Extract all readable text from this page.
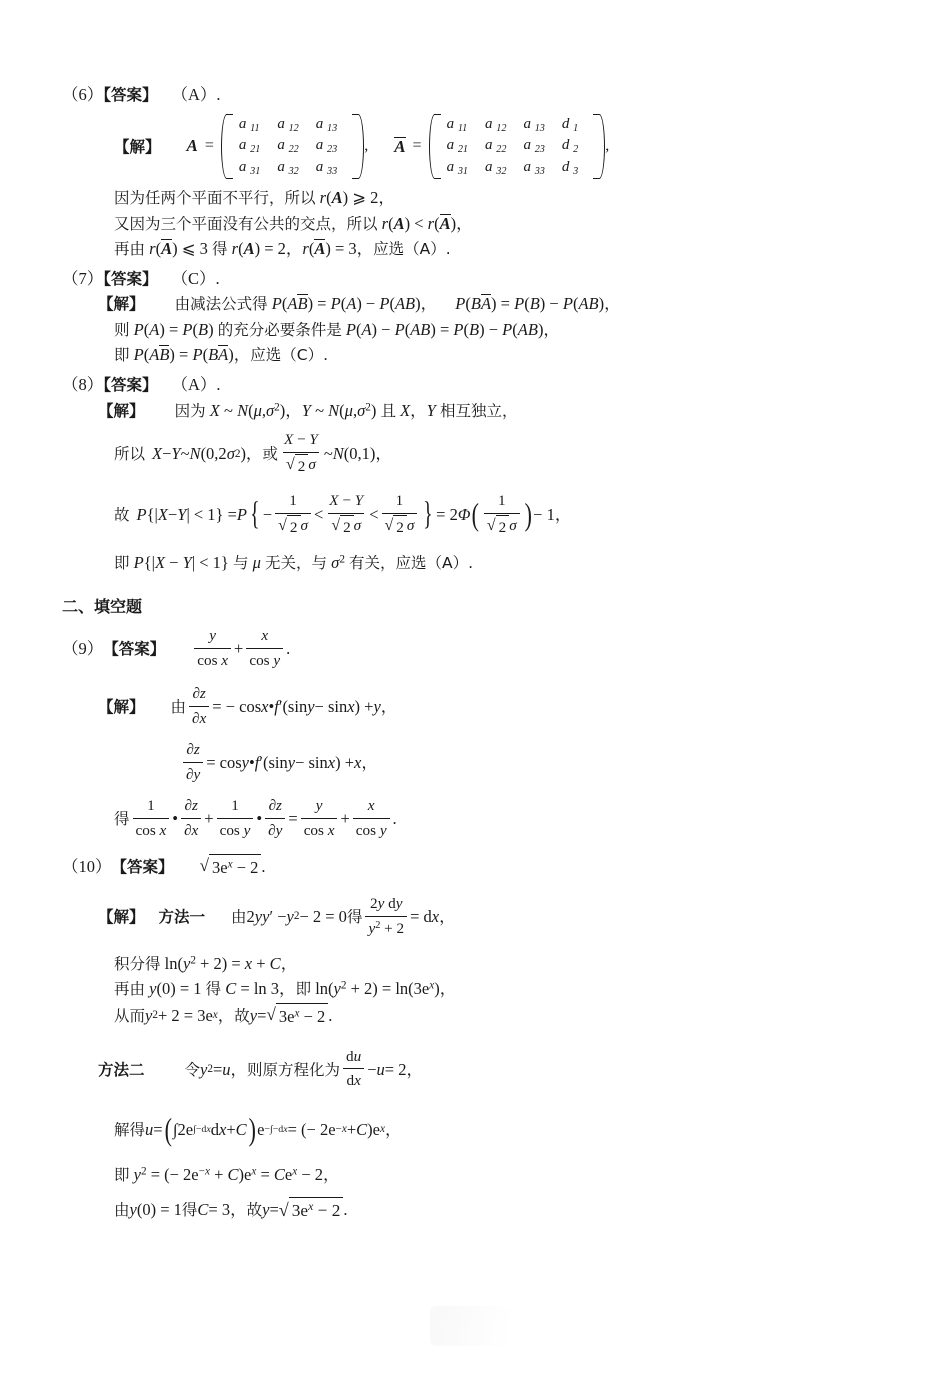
（6）【答案】 （A）.
【解】 A =
a $_{11}$	a $_{12}$	a $_{13}$
a $_{21}$	a $_{22}$	a $_{23}$
a $_{31}$	a $_{32}$	a $_{33}$
, A =
a $_{11}$	a $_{12}$	a $_{13}$	d $_1$
a $_{21}$	a $_{22}$	a $_{23}$	d $_2$
a $_{31}$	a $_{32}$	a $_{33}$	d $_3$
,
因为任两个平面不平行，所以 r(A) ⩾ 2，
又因为三个平面没有公共的交点，所以 r(A) < r(A)，
再由 r(A) ⩽ 3 得 r(A) = 2，r(A) = 3，应选（A）.
（7）【答案】 （C）.
【解】 由减法公式得 P(AB) = P(A) − P(AB)， P(BA) = P(B) − P(AB)，
则 P(A) = P(B) 的充分必要条件是 P(A) − P(AB) = P(B) − P(AB)，
即 P(AB) = P(BA)，应选（C）.
（8）【答案】 （A）.
【解】 因为 X ~ $N(\mu,\sigma^2)$，Y ~ $N(\mu,\sigma^2)$ 且 X，Y 相互独立，
所以 X − Y ~ N (0,2 σ 2 )， 或 $\frac{X - Y}{√ 2 \sigma}$ ~ N (0,1)，
故 P {| X − Y | < 1} = P { − $\frac{1}{√ 2 \sigma} < \frac{X - Y}{√ 2 \sigma} < \frac{1}{√ 2 \sigma}$ } = 2 Φ ( $\frac{1}{√ 2 \sigma}$ ) − 1，
即 P{|X − Y| < 1} 与 μ 无关，与 $\sigma^2$ 有关，应选（A）.
二、填空题
（9） 【答案】 $\frac{y}{\text{cos x}} + \frac{x}{\text{cos y}}$ .
【解】 由 $\frac{\partial z}{\partial x}$ = − cos x • f ′(sin y − sin x ) + y ，
$\frac{\partial z}{\partial y} = \cos y$ • f ′(sin y − sin x ) + x ，
得 $\frac{1}{\text{cos x}}$ • $\frac{\partial z}{\partial x} + \frac{1}{\text{cos y}}$ • $\frac{\partial z}{\partial y} = \frac{y}{\text{cos x}} + \frac{x}{\text{cos y}}$ .
（10） 【答案】 √ $3e^x - 2$ .
【解】 方法一 由 2 yy ′ − y 2 − 2 = 0 得 $\frac{\text{2y dy}}{y^2 + 2} = d$ x ，
积分得 $\ln(y^2 + 2) = x + C$，
再由 y(0) = 1 得 C = ln 3，即 $\ln(y^2 + 2) = \ln(3e^x)$，
从而 y 2 + 2 = 3e x ， 故 y = √ $3e^x - 2$ .
方法二	令 y 2 = u ， 则原方程化为 $\frac{du}{dx} - u = 2$，
解得 u = ( ∫2e ∫−dx d x + C ) e −∫−dx = (− 2e −x + C )e x ，
即 $y^2$ = (− $2e^{-x} + C)e^x = Ce^x - 2$，
由 y (0) = 1 得 C = 3， 故 y = √ $3e^x - 2$ .
